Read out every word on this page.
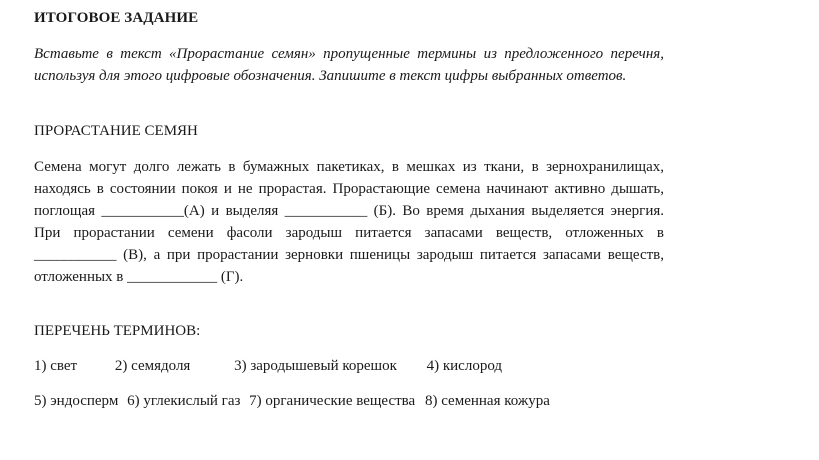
ИТОГОВОЕ ЗАДАНИЕ
Вставьте в текст «Прорастание семян» пропущенные термины из предложенного перечня, используя для этого цифровые обозначения. Запишите в текст цифры выбранных ответов.
ПРОРАСТАНИЕ СЕМЯН
Семена могут долго лежать в бумажных пакетиках, в мешках из ткани, в зернохранилищах, находясь в состоянии покоя и не прорастая. Прорастающие семена начинают активно дышать, поглощая ___________(А) и выделяя ___________ (Б). Во время дыхания выделяется энергия. При прорастании семени фасоли зародыш питается запасами веществ, отложенных в ___________ (В), а при прорастании зерновки пшеницы зародыш питается запасами веществ, отложенных в ____________ (Г).
ПЕРЕЧЕНЬ ТЕРМИНОВ:
1) свет	2) семядоля	3) зародышевый корешок 4) кислород
5) эндосперм 6) углекислый газ 7) органические вещества 8) семенная кожура
